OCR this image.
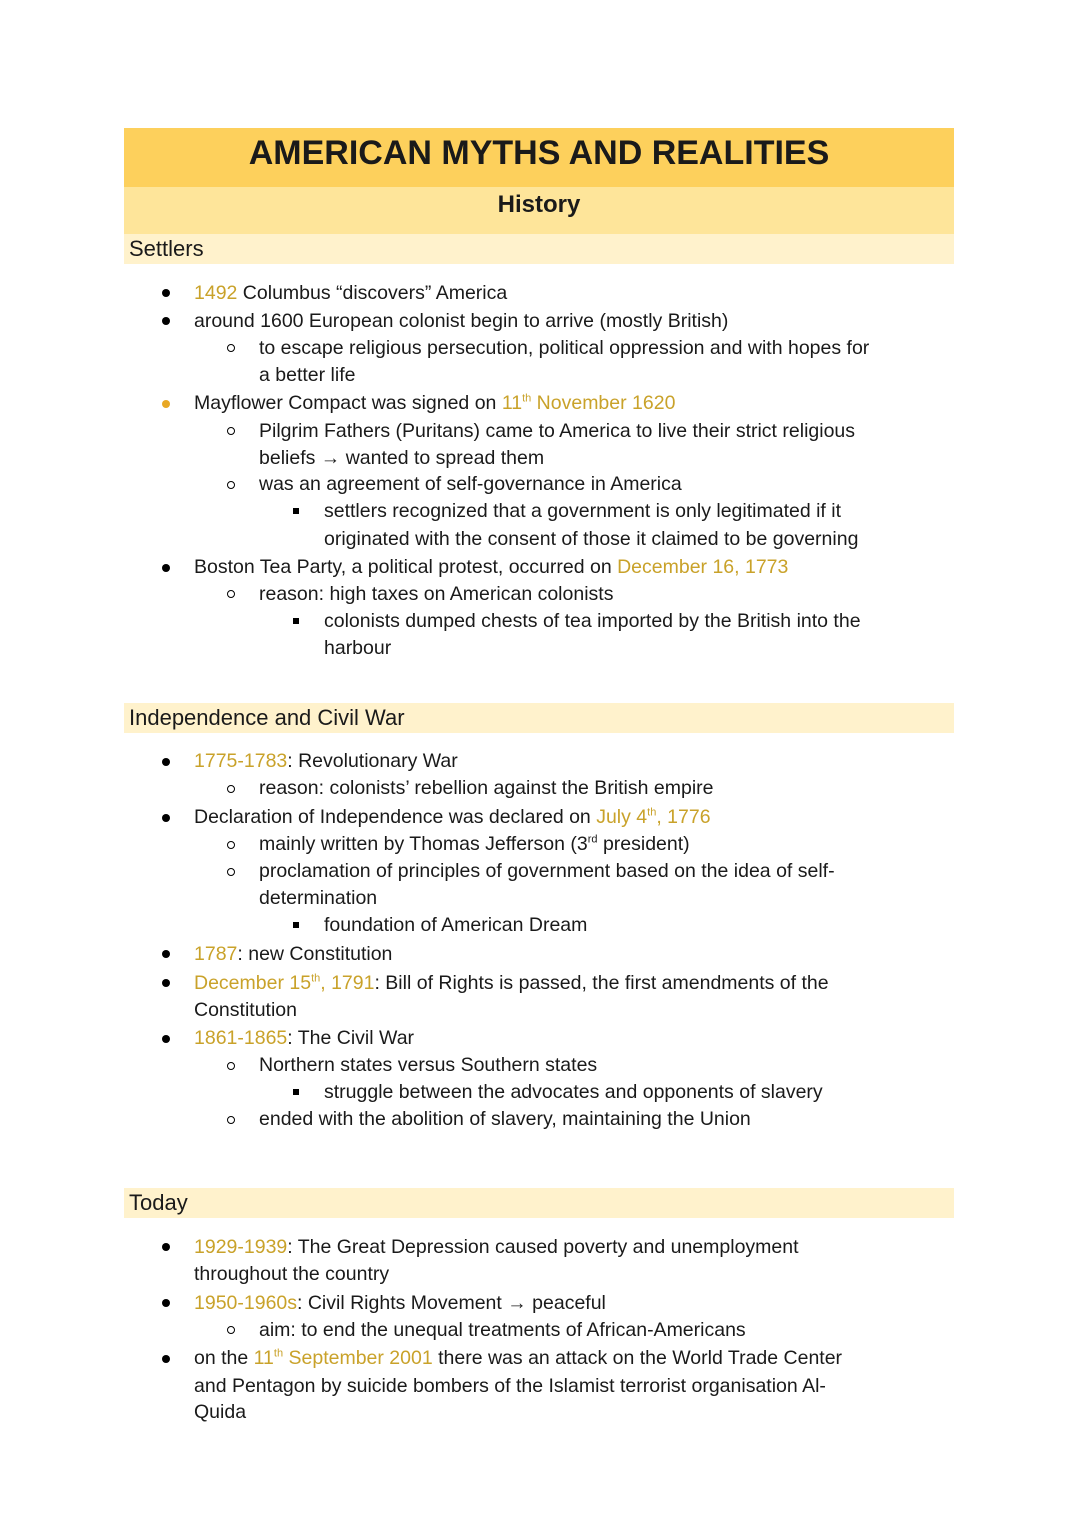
AMERICAN MYTHS AND REALITIES
History
Settlers
1492 Columbus “discovers” America
around 1600 European colonist begin to arrive (mostly British)
to escape religious persecution, political oppression and with hopes for
a better life
Mayflower Compact was signed on 11th November 1620
Pilgrim Fathers (Puritans) came to America to live their strict religious
beliefs → wanted to spread them
was an agreement of self-governance in America
settlers recognized that a government is only legitimated if it
originated with the consent of those it claimed to be governing
Boston Tea Party, a political protest, occurred on December 16, 1773
reason: high taxes on American colonists
colonists dumped chests of tea imported by the British into the
harbour
Independence and Civil War
1775-1783: Revolutionary War
reason: colonists’ rebellion against the British empire
Declaration of Independence was declared on July 4th, 1776
mainly written by Thomas Jefferson (3rd president)
proclamation of principles of government based on the idea of self-
determination
foundation of American Dream
1787: new Constitution
December 15th, 1791: Bill of Rights is passed, the first amendments of the
Constitution
1861-1865: The Civil War
Northern states versus Southern states
struggle between the advocates and opponents of slavery
ended with the abolition of slavery, maintaining the Union
Today
1929-1939: The Great Depression caused poverty and unemployment
throughout the country
1950-1960s: Civil Rights Movement → peaceful
aim: to end the unequal treatments of African-Americans
on the 11th September 2001 there was an attack on the World Trade Center
and Pentagon by suicide bombers of the Islamist terrorist organisation Al-
Quida
